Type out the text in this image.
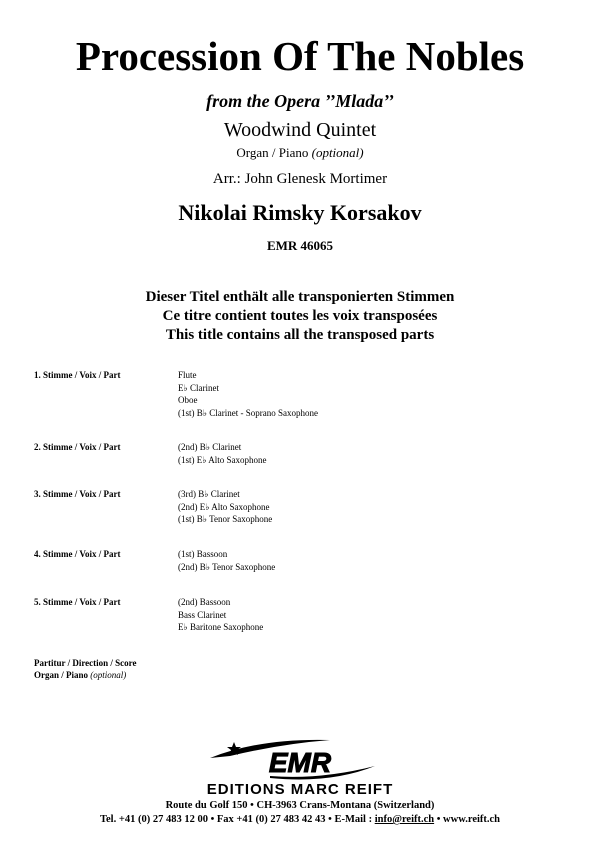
Procession Of The Nobles
from the Opera ’’Mlada’’
Woodwind Quintet
Organ / Piano (optional)
Arr.: John Glenesk Mortimer
Nikolai Rimsky Korsakov
EMR 46065
Dieser Titel enthält alle transponierten Stimmen
Ce titre contient toutes les voix transposées
This title contains all the transposed parts
1. Stimme / Voix / Part	Flute
E♭ Clarinet
Oboe
(1st) B♭ Clarinet - Soprano Saxophone
2. Stimme / Voix / Part	(2nd) B♭ Clarinet
(1st) E♭ Alto Saxophone
3. Stimme / Voix / Part	(3rd) B♭ Clarinet
(2nd) E♭ Alto Saxophone
(1st) B♭ Tenor Saxophone
4. Stimme / Voix / Part	(1st) Bassoon
(2nd) B♭ Tenor Saxophone
5. Stimme / Voix / Part	(2nd) Bassoon
Bass Clarinet
E♭ Baritone Saxophone
Partitur / Direction / Score
Organ / Piano (optional)
EMR
EDITIONS MARC REIFT
Route du Golf 150 • CH-3963 Crans-Montana (Switzerland)
Tel. +41 (0) 27 483 12 00 • Fax +41 (0) 27 483 42 43 • E-Mail : info@reift.ch • www.reift.ch
